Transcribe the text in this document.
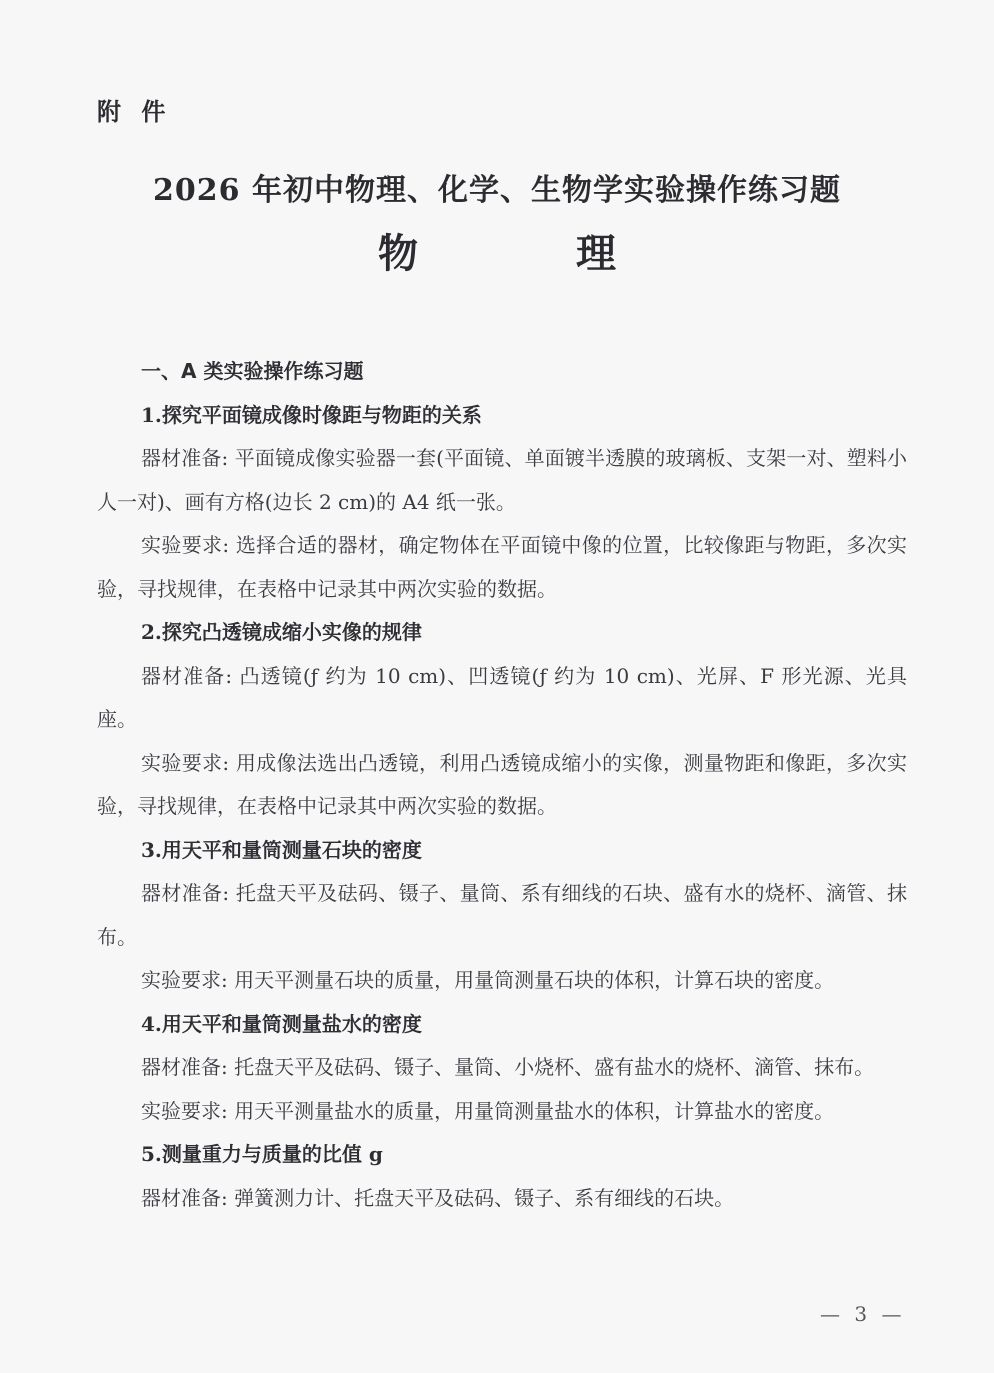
附 件
2026 年初中物理、化学、生物学实验操作练习题
物 理

一、A 类实验操作练习题

1.探究平面镜成像时像距与物距的关系

器材准备: 平面镜成像实验器一套(平面镜、单面镀半透膜的玻璃板、支架一对、塑料小人一对)、画有方格(边长 2 cm)的 A4 纸一张。

实验要求: 选择合适的器材，确定物体在平面镜中像的位置，比较像距与物距，多次实验，寻找规律，在表格中记录其中两次实验的数据。

2.探究凸透镜成缩小实像的规律

器材准备: 凸透镜(ƒ 约为 10 cm)、凹透镜(ƒ 约为 10 cm)、光屏、F 形光源、光具座。

实验要求: 用成像法选出凸透镜，利用凸透镜成缩小的实像，测量物距和像距，多次实验，寻找规律，在表格中记录其中两次实验的数据。

3.用天平和量筒测量石块的密度

器材准备: 托盘天平及砝码、镊子、量筒、系有细线的石块、盛有水的烧杯、滴管、抹布。

实验要求: 用天平测量石块的质量，用量筒测量石块的体积，计算石块的密度。

4.用天平和量筒测量盐水的密度

器材准备: 托盘天平及砝码、镊子、量筒、小烧杯、盛有盐水的烧杯、滴管、抹布。

实验要求: 用天平测量盐水的质量，用量筒测量盐水的体积，计算盐水的密度。

5.测量重力与质量的比值 g

器材准备: 弹簧测力计、托盘天平及砝码、镊子、系有细线的石块。

— 3 —
